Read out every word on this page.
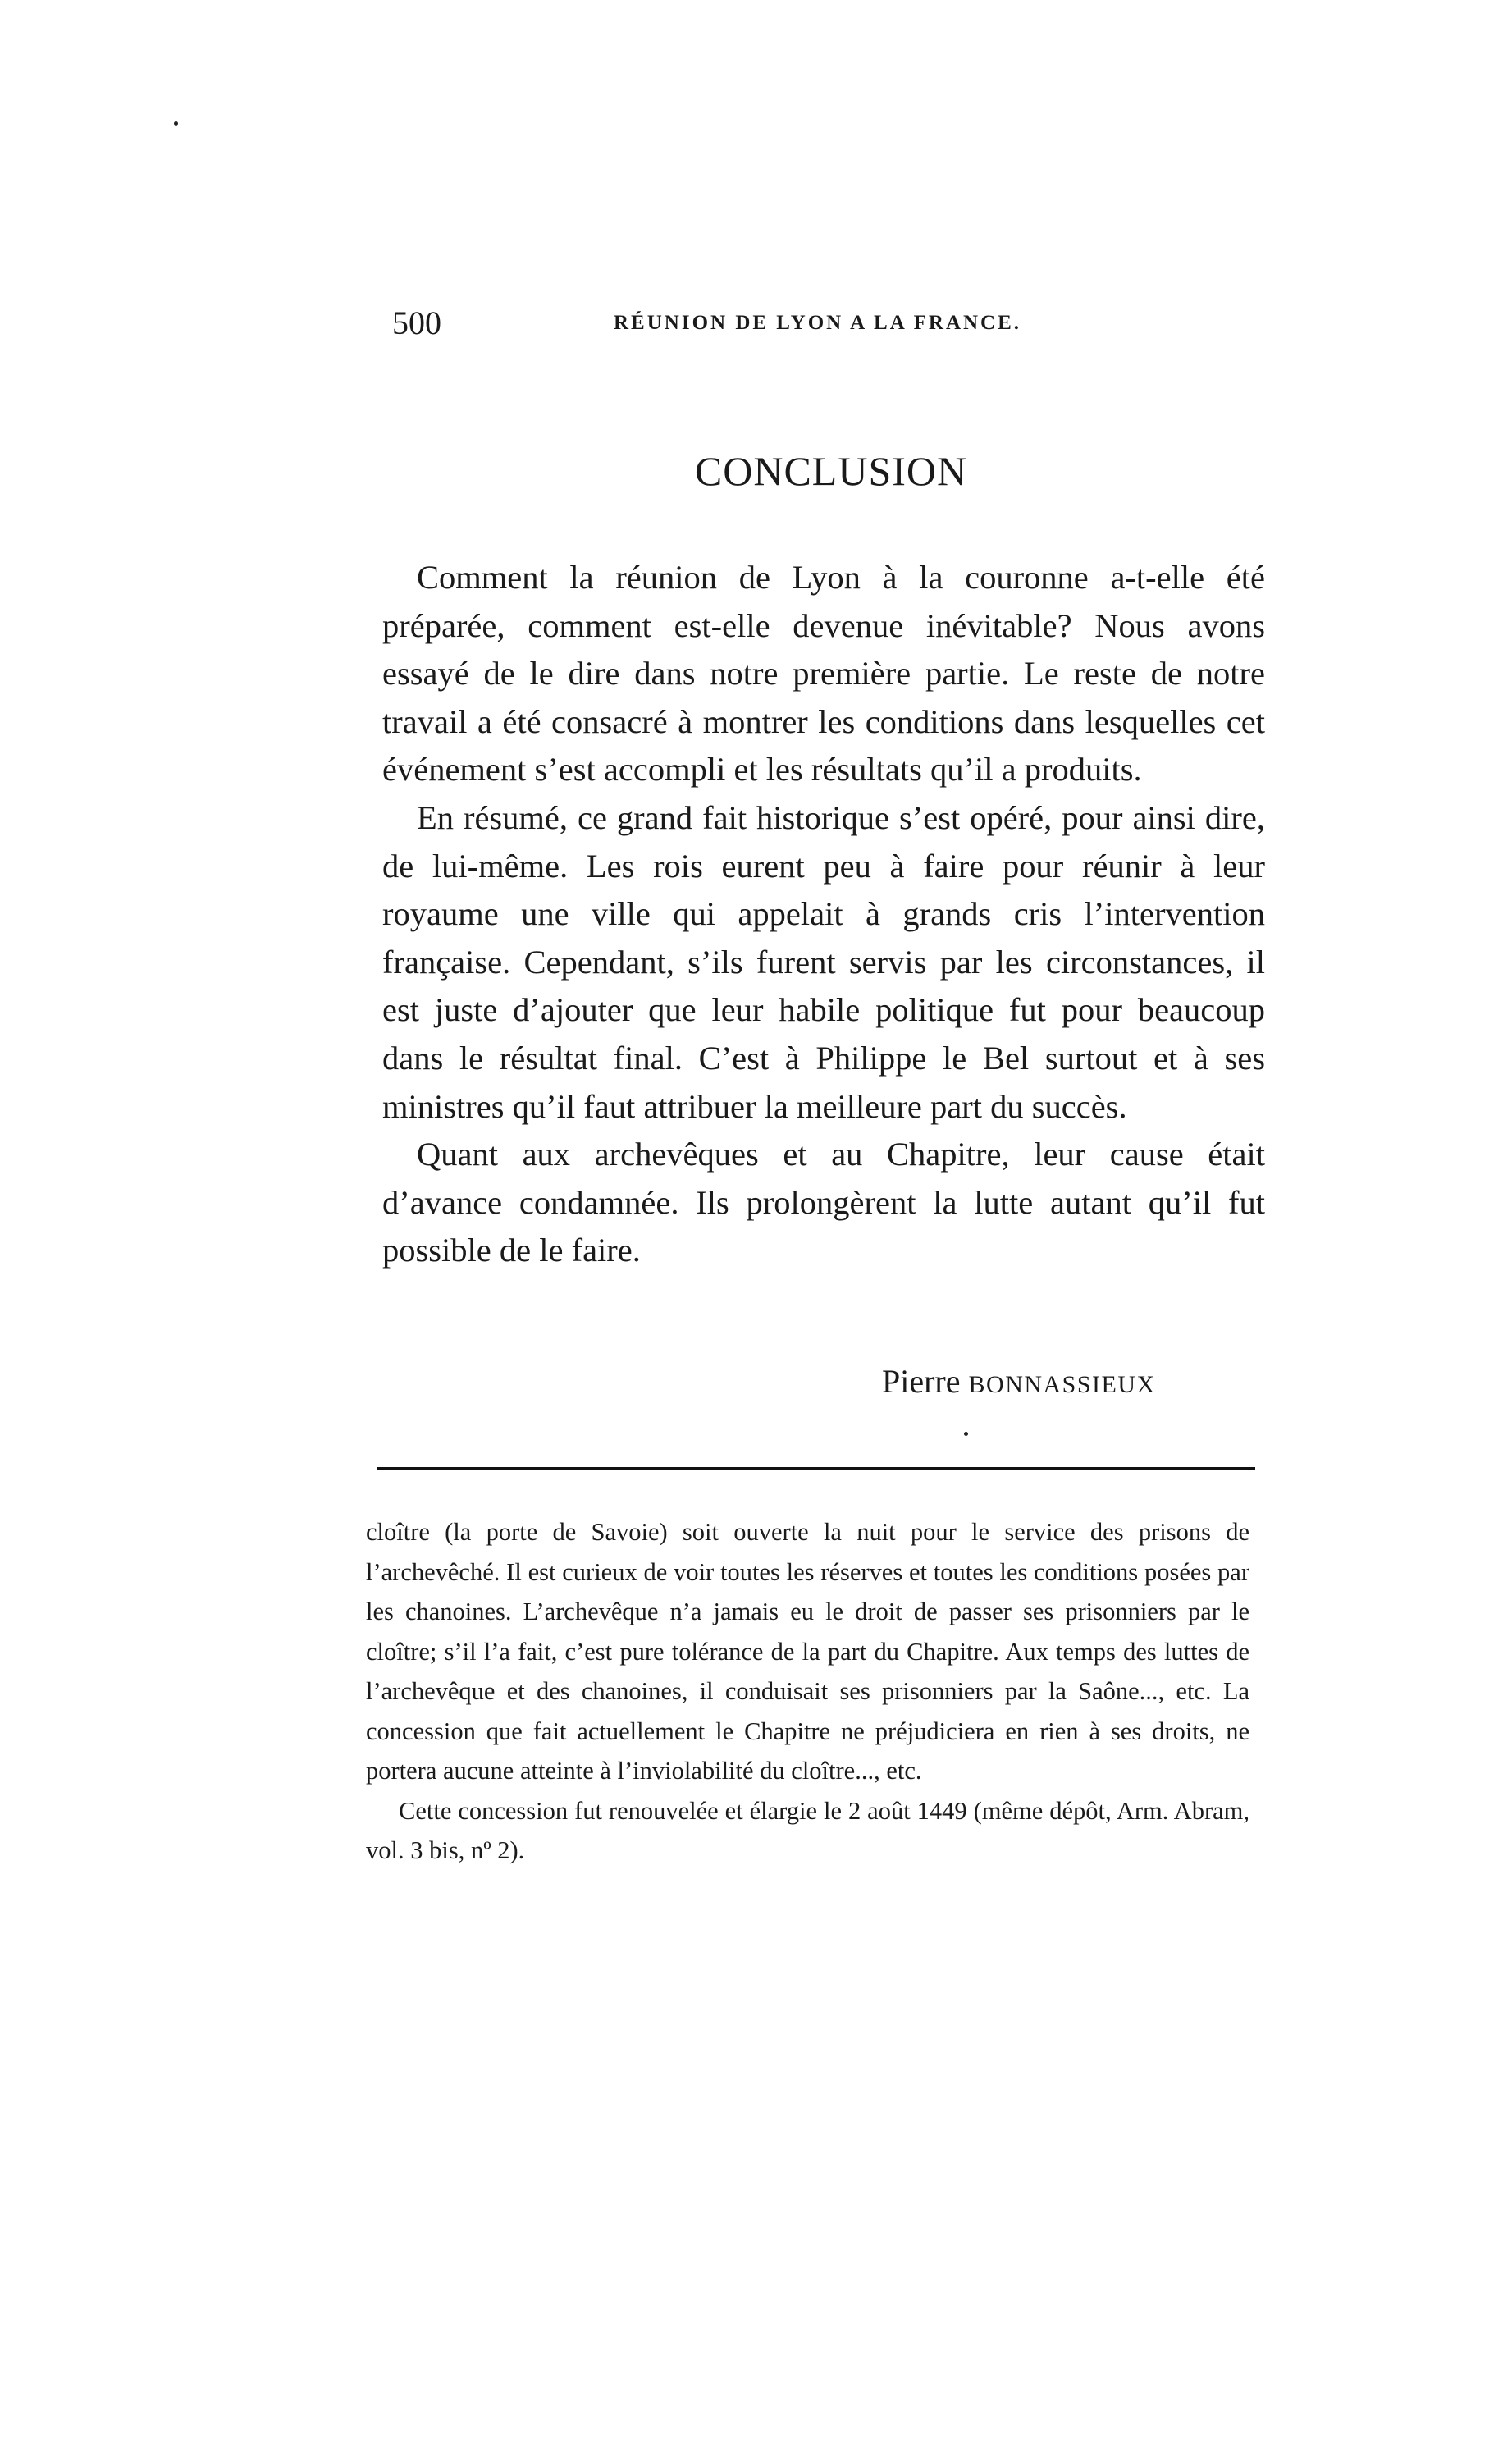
500	RÉUNION DE LYON A LA FRANCE.
CONCLUSION

Comment la réunion de Lyon à la couronne a-t-elle été préparée, comment est-elle devenue inévitable? Nous avons essayé de le dire dans notre première partie. Le reste de notre travail a été consacré à montrer les conditions dans lesquelles cet événement s’est accompli et les résultats qu’il a produits.

En résumé, ce grand fait historique s’est opéré, pour ainsi dire, de lui-même. Les rois eurent peu à faire pour réunir à leur royaume une ville qui appelait à grands cris l’intervention française. Cependant, s’ils furent servis par les circonstances, il est juste d’ajouter que leur habile politique fut pour beaucoup dans le résultat final. C’est à Philippe le Bel surtout et à ses ministres qu’il faut attribuer la meilleure part du succès.

Quant aux archevêques et au Chapitre, leur cause était d’avance condamnée. Ils prolongèrent la lutte autant qu’il fut possible de le faire.

Pierre BONNASSIEUX

cloître (la porte de Savoie) soit ouverte la nuit pour le service des prisons de l’archevêché. Il est curieux de voir toutes les réserves et toutes les conditions posées par les chanoines. L’archevêque n’a jamais eu le droit de passer ses prisonniers par le cloître; s’il l’a fait, c’est pure tolérance de la part du Chapitre. Aux temps des luttes de l’archevêque et des chanoines, il conduisait ses prisonniers par la Saône..., etc. La concession que fait actuellement le Chapitre ne préjudiciera en rien à ses droits, ne portera aucune atteinte à l’inviolabilité du cloître..., etc.

Cette concession fut renouvelée et élargie le 2 août 1449 (même dépôt, Arm. Abram, vol. 3 bis, nº 2).
